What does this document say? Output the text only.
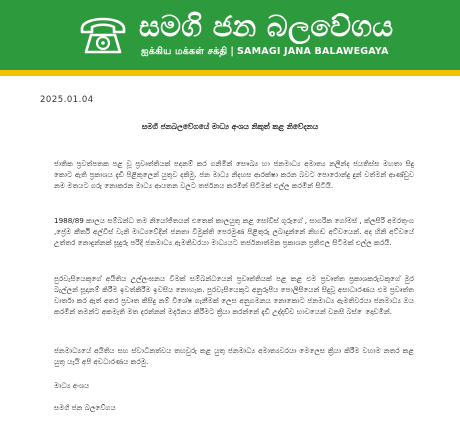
සමගි ජන බලවේගය
ஐக்கிய மக்கள் சக்தி | SAMAGI JANA BALAWEGAYA
2025.01.04
සමගි ජනබලවේගයේ මාධ්‍ය අංශය නිකුත් කළ නිවේදනය
ජාතික ප්‍රවත්පතක පළ වූ ප්‍රවෘත්තියක් පදනම් කර ගනිමින් සෞඛ්‍ය හා ජනමාධ්‍ය අමාත්‍ය නලින්ද ජයතිස්ස මහතා සිදු කොට ඇති ප්‍රකාශය දැඩි පිළිකුලෙන් යුතුව දකිමු. ජන මාධ්‍ය නිදහස ආරක්ෂා කරන බවට පොරොන්දු දුන් වත්මන් ආණ්ඩුව නම මතයට ගරු නොකරන මාධ්‍ය ආයතන වලට තර්ජනය කරමින් සිටීමක් එල්ල කරමින් සිටියි.
1988/89 කාලය සම්බන්ධ තම නියෝජිතයන් එතෙක් කාලයුතු කළ සෝවිස් ගුරුගේ , සාගරික ගෝමස් , ක්ලසිරි අමරතුංග ,ප්‍රේම කීර්ති අල්විස් වැනි මාධ්‍යවේදීන් ජනතා විමුක්ති පෙරමුණ පිළිතුරු ලබාදුන්නේ නිහඬ අට්වයෙන්. අද හිනි අට්වයේ උත්තර නොදුන්නක් සූදුරු පරිදි ජනමාධ්‍ය ඇමතිවරයා මාධ්‍යයට තර්ජනාත්මක ප්‍රකාශන ප්‍රතිඵල සිටීමක් එල්ල කරයි.
පුරවැසියෙකුගේ අයිතිය උල්ලංඝනය වීමක් සම්බන්ධයෙන් ප්‍රවෘත්තියක් පළ කළ එම ප්‍රවෘත්ත ප්‍රකාශකරුවකුගේ මුර බැල්ලන් සූදානම් කිරීම ඉවත්කිරීම ඉවසිය නොහැක. පුරවැසියෙකුට අනුරූපීය පොලිසියෙන් සිදුවූ අසාධාරණය එම ප්‍රවෘත්ත වාර්තා කර ඇත් අතර ප්‍රවෘත කිසිදු නම් විශේෂ ගැනීමක් ලෙස අනුගමනය නොකොට ජනමාධ්‍ය ඇමතිවරයා ජනමාධ්‍ය ඔය කරමින් තමන්ට අකමැති මත දරන්නන් මර්දනය කිරීමට ක්‍රියා කරන්නේ දැඩි උද්දච්ච භාවයෙන් වනසි බස් ‍ෙදොඩමින්.
ජනමාධ්‍යයේ අයිතිය සහ ස්වාධීනත්වය තහවුරු කළ යුතු ජනමාධ්‍ය අමාත්‍යවරයා මෙලෙස ක්‍රියා කිරීම වහාම නතර කළ යුතු යැයි අපි අවධාරණය කරමු.
මාධ්‍ය අංශය
සමගි ජන බලවේගය
